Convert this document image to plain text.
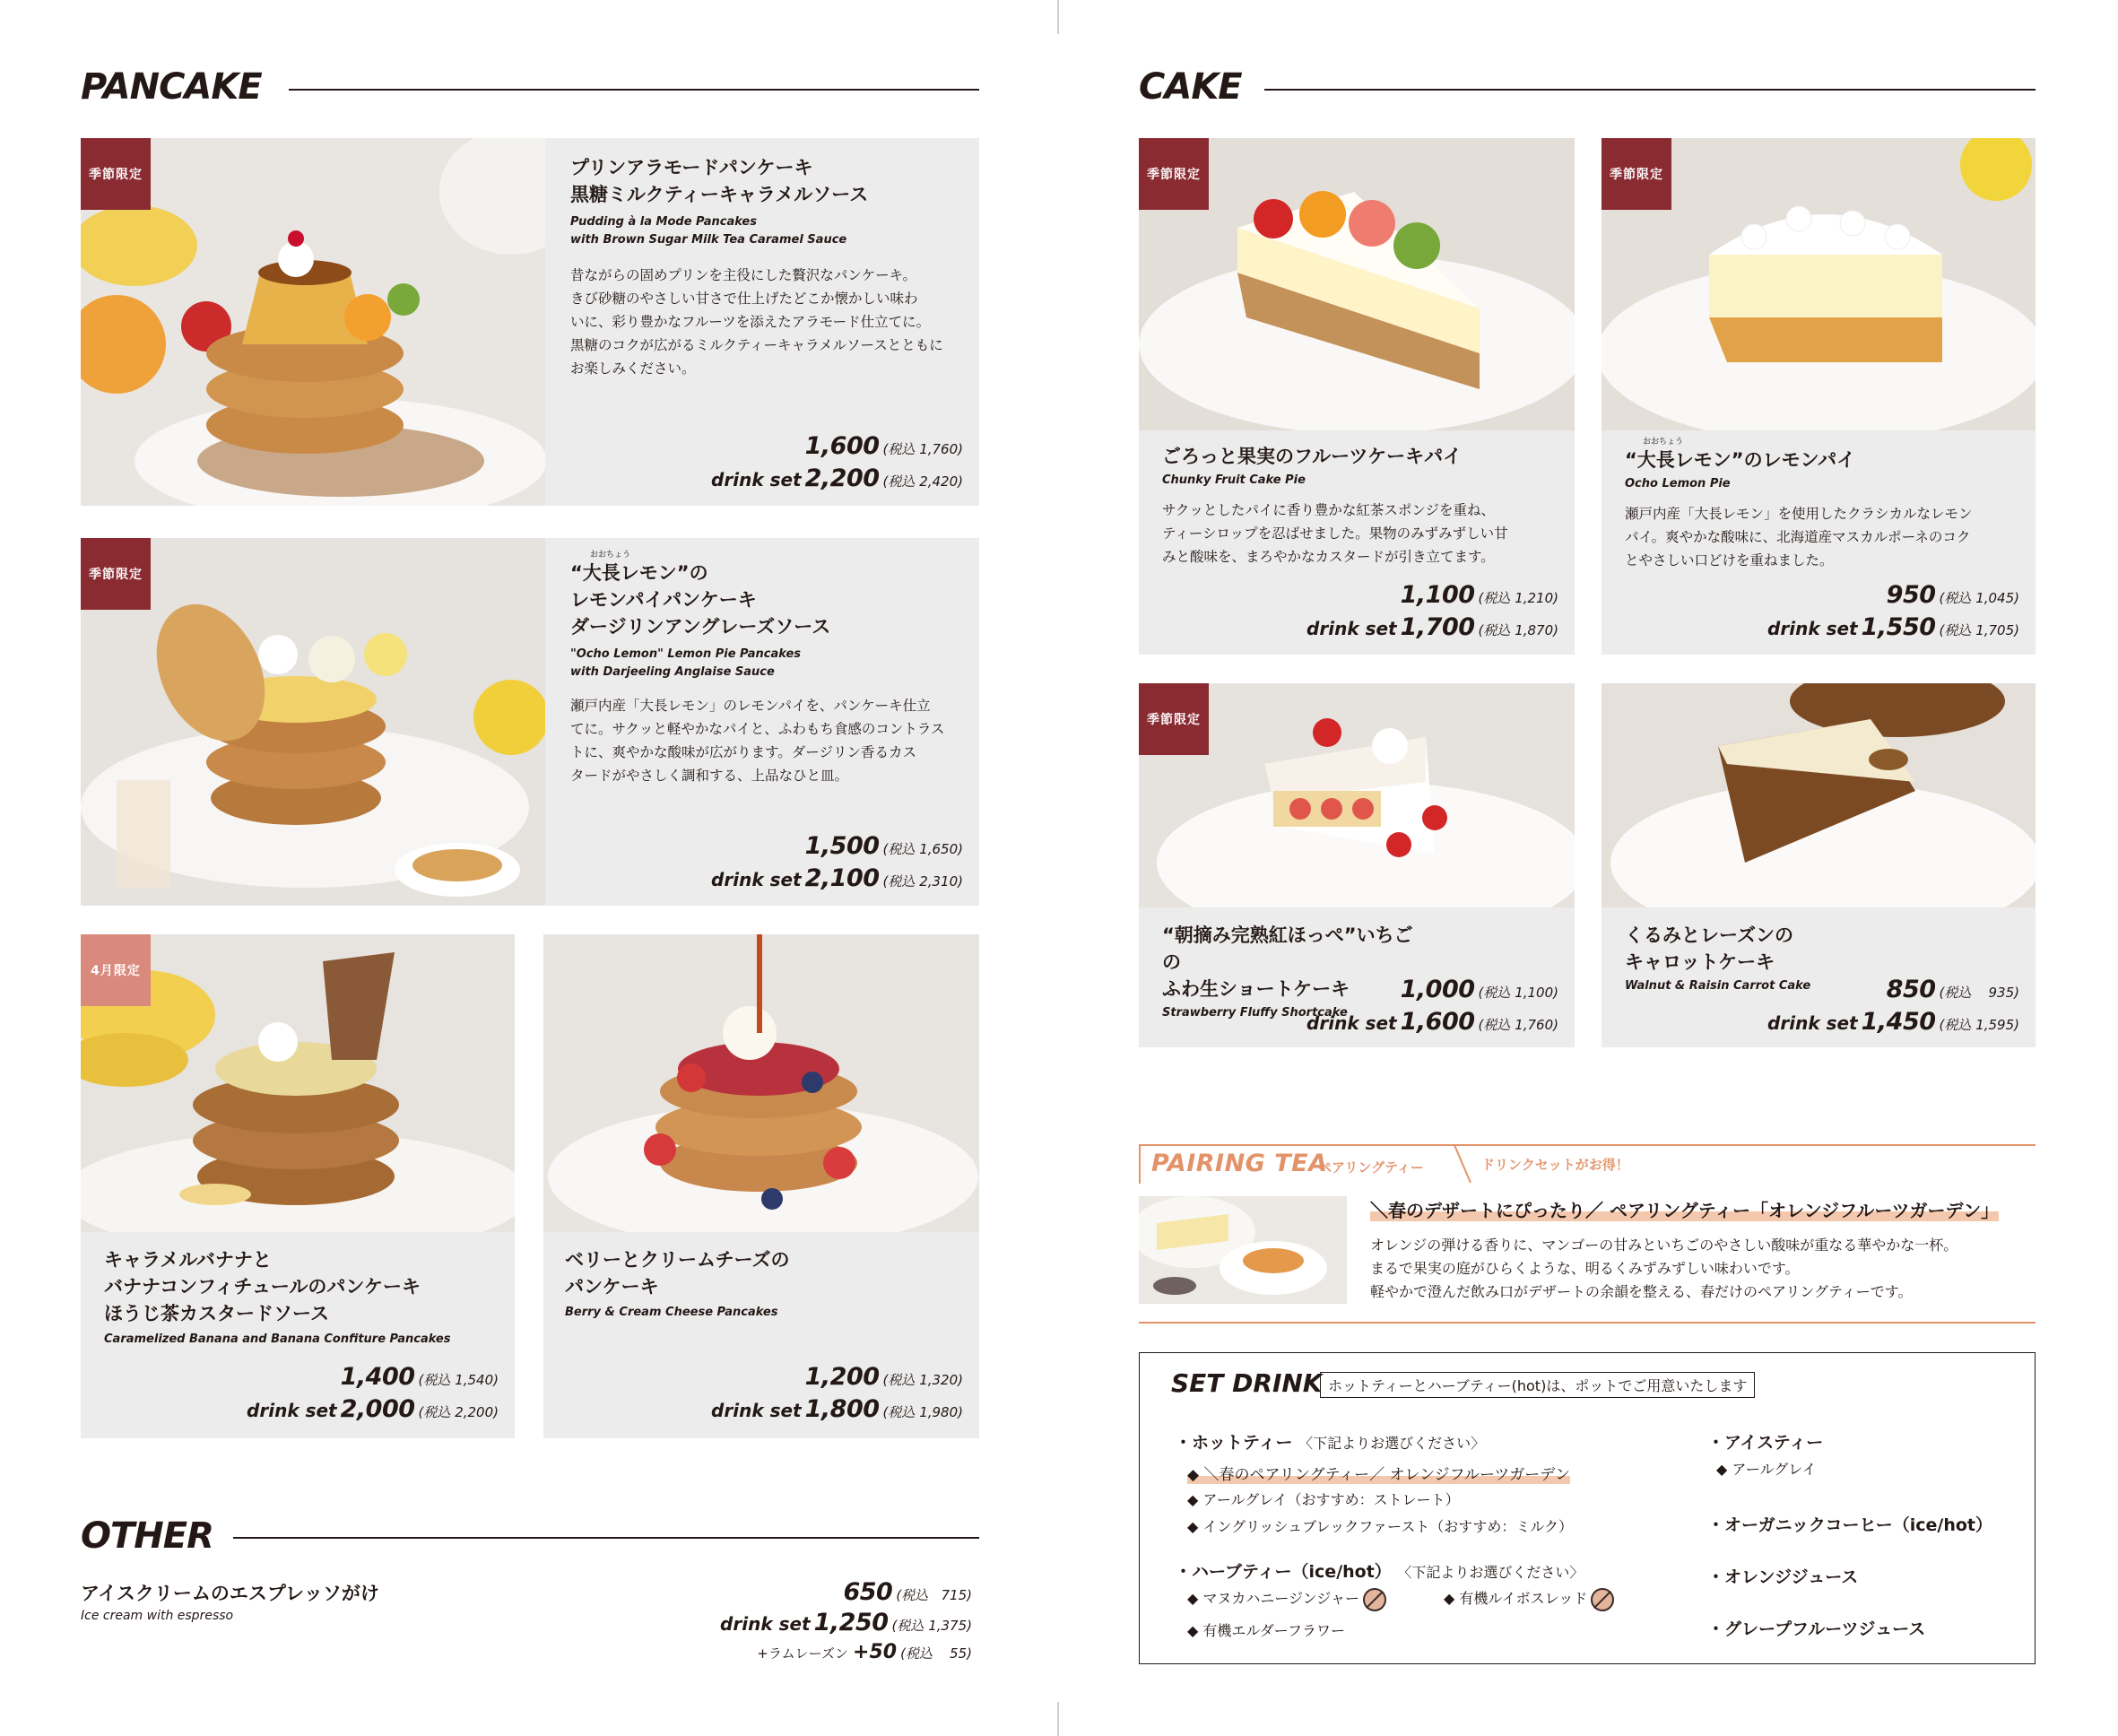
PANCAKE
季節限定	プリンアラモードパンケーキ
黒糖ミルクティーキャラメルソース
Pudding à la Mode Pancakes
with Brown Sugar Milk Tea Caramel Sauce
昔ながらの固めプリンを主役にした贅沢なパンケーキ。
きび砂糖のやさしい甘さで仕上げたどこか懐かしい味わ
いに、彩り豊かなフルーツを添えたアラモード仕立てに。
黒糖のコクが広がるミルクティーキャラメルソースとともに
お楽しみください。
1,600 (税込 1,760)
drink set 2,200 (税込 2,420)
季節限定
おおちょう
“大長レモン”の
レモンパイパンケーキ
ダージリンアングレーズソース
"Ocho Lemon" Lemon Pie Pancakes
with Darjeeling Anglaise Sauce
瀬戸内産「大長レモン」のレモンパイを、パンケーキ仕立
てに。サクッと軽やかなパイと、ふわもち食感のコントラス
トに、爽やかな酸味が広がります。ダージリン香るカス
タードがやさしく調和する、上品なひと皿。
1,500 (税込 1,650)
drink set 2,100 (税込 2,310)
4月限定
キャラメルバナナと
バナナコンフィチュールのパンケーキ
ほうじ茶カスタードソース
Caramelized Banana and Banana Confiture Pancakes
1,400 (税込 1,540)
drink set 2,000 (税込 2,200)
ベリーとクリームチーズの
パンケーキ
Berry & Cream Cheese Pancakes
1,200 (税込 1,320)
drink set 1,800 (税込 1,980)
OTHER
アイスクリームのエスプレッソがけ
Ice cream with espresso
650 (税込 715)
drink set 1,250 (税込 1,375)
+ラムレーズン +50 (税込 55)
CAKE
季節限定
ごろっと果実のフルーツケーキパイ
Chunky Fruit Cake Pie
サクッとしたパイに香り豊かな紅茶スポンジを重ね、
ティーシロップを忍ばせました。果物のみずみずしい甘
みと酸味を、まろやかなカスタードが引き立てます。
1,100 (税込 1,210)
drink set 1,700 (税込 1,870)
季節限定
おおちょう
“大長レモン”のレモンパイ
Ocho Lemon Pie
瀬戸内産「大長レモン」を使用したクラシカルなレモン
パイ。爽やかな酸味に、北海道産マスカルポーネのコク
とやさしい口どけを重ねました。
950 (税込 1,045)
drink set 1,550 (税込 1,705)
季節限定
“朝摘み完熟紅ほっぺ”いちごの
ふわ生ショートケーキ
Strawberry Fluffy Shortcake
1,000 (税込 1,100)
drink set 1,600 (税込 1,760)
くるみとレーズンの
キャロットケーキ
Walnut & Raisin Carrot Cake	850 (税込 935)
drink set 1,450 (税込 1,595)
PAIRING TEA
ペアリングティー	ドリンクセットがお得！
＼春のデザートにぴったり／ ペアリングティー「オレンジフルーツガーデン」
オレンジの弾ける香りに、マンゴーの甘みといちごのやさしい酸味が重なる華やかな一杯。
まるで果実の庭がひらくような、明るくみずみずしい味わいです。
軽やかで澄んだ飲み口がデザートの余韻を整える、春だけのペアリングティーです。
SET DRINK ホットティーとハーブティー(hot)は、ポットでご用意いたします
・ホットティー 〈下記よりお選びください〉
◆ ＼春のペアリングティー／ オレンジフルーツガーデン
◆ アールグレイ（おすすめ：ストレート）
◆ イングリッシュブレックファースト（おすすめ：ミルク）
・ハーブティー（ice/hot） 〈下記よりお選びください〉
◆ マヌカハニージンジャー	◆ 有機ルイボスレッド
◆ 有機エルダーフラワー
・アイスティー
◆ アールグレイ
・オーガニックコーヒー（ice/hot）
・オレンジジュース
・グレープフルーツジュース
